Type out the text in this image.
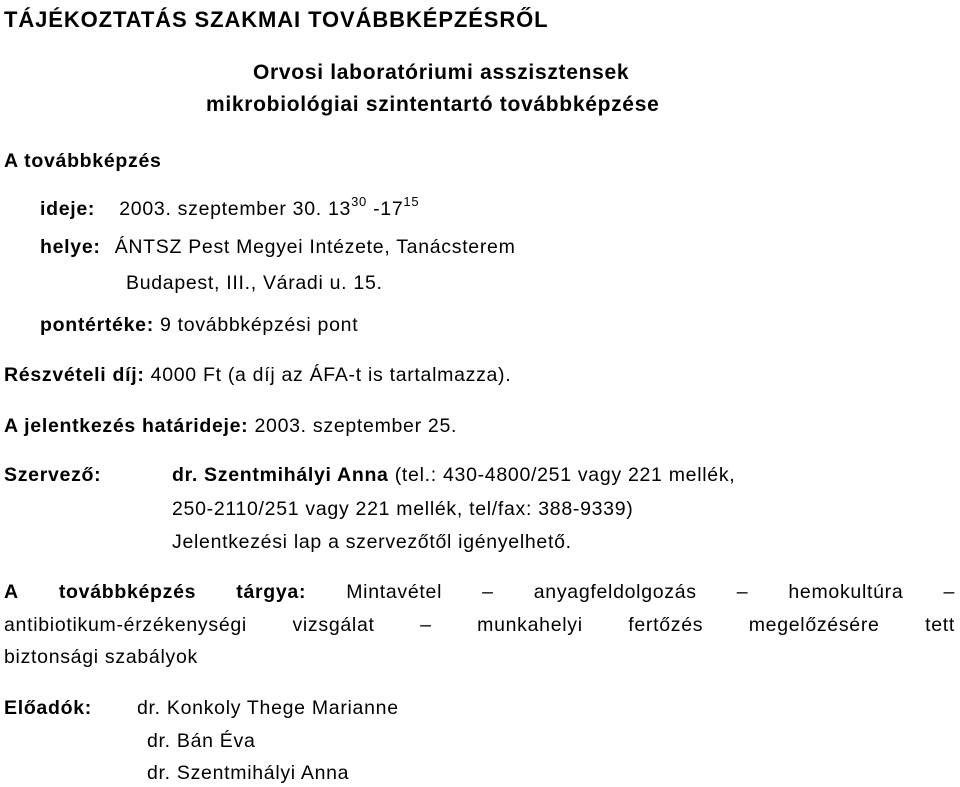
TÁJÉKOZTATÁS SZAKMAI TOVÁBBKÉPZÉSRŐL
Orvosi laboratóriumi asszisztensek
mikrobiológiai szintentartó továbbképzése
A továbbképzés
ideje: 2003. szeptember 30. $13^{30}$ $-17^{15}$
helye: ÁNTSZ Pest Megyei Intézete, Tanácsterem
Budapest, III., Váradi u. 15.
pontértéke: 9 továbbképzési pont
Részvételi díj: 4000 Ft (a díj az ÁFA-t is tartalmazza).
A jelentkezés határideje: 2003. szeptember 25.
Szervező:	dr. Szentmihályi Anna (tel.: 430-4800/251 vagy 221 mellék,
250-2110/251 vagy 221 mellék, tel/fax: 388-9339)
Jelentkezési lap a szervezőtől igényelhető.
A továbbképzés tárgya: Mintavétel – anyagfeldolgozás – hemokultúra –
antibiotikum-érzékenységi vizsgálat – munkahelyi fertőzés megelőzésére tett
biztonsági szabályok
Előadók: dr. Konkoly Thege Marianne
dr. Bán Éva
dr. Szentmihályi Anna
